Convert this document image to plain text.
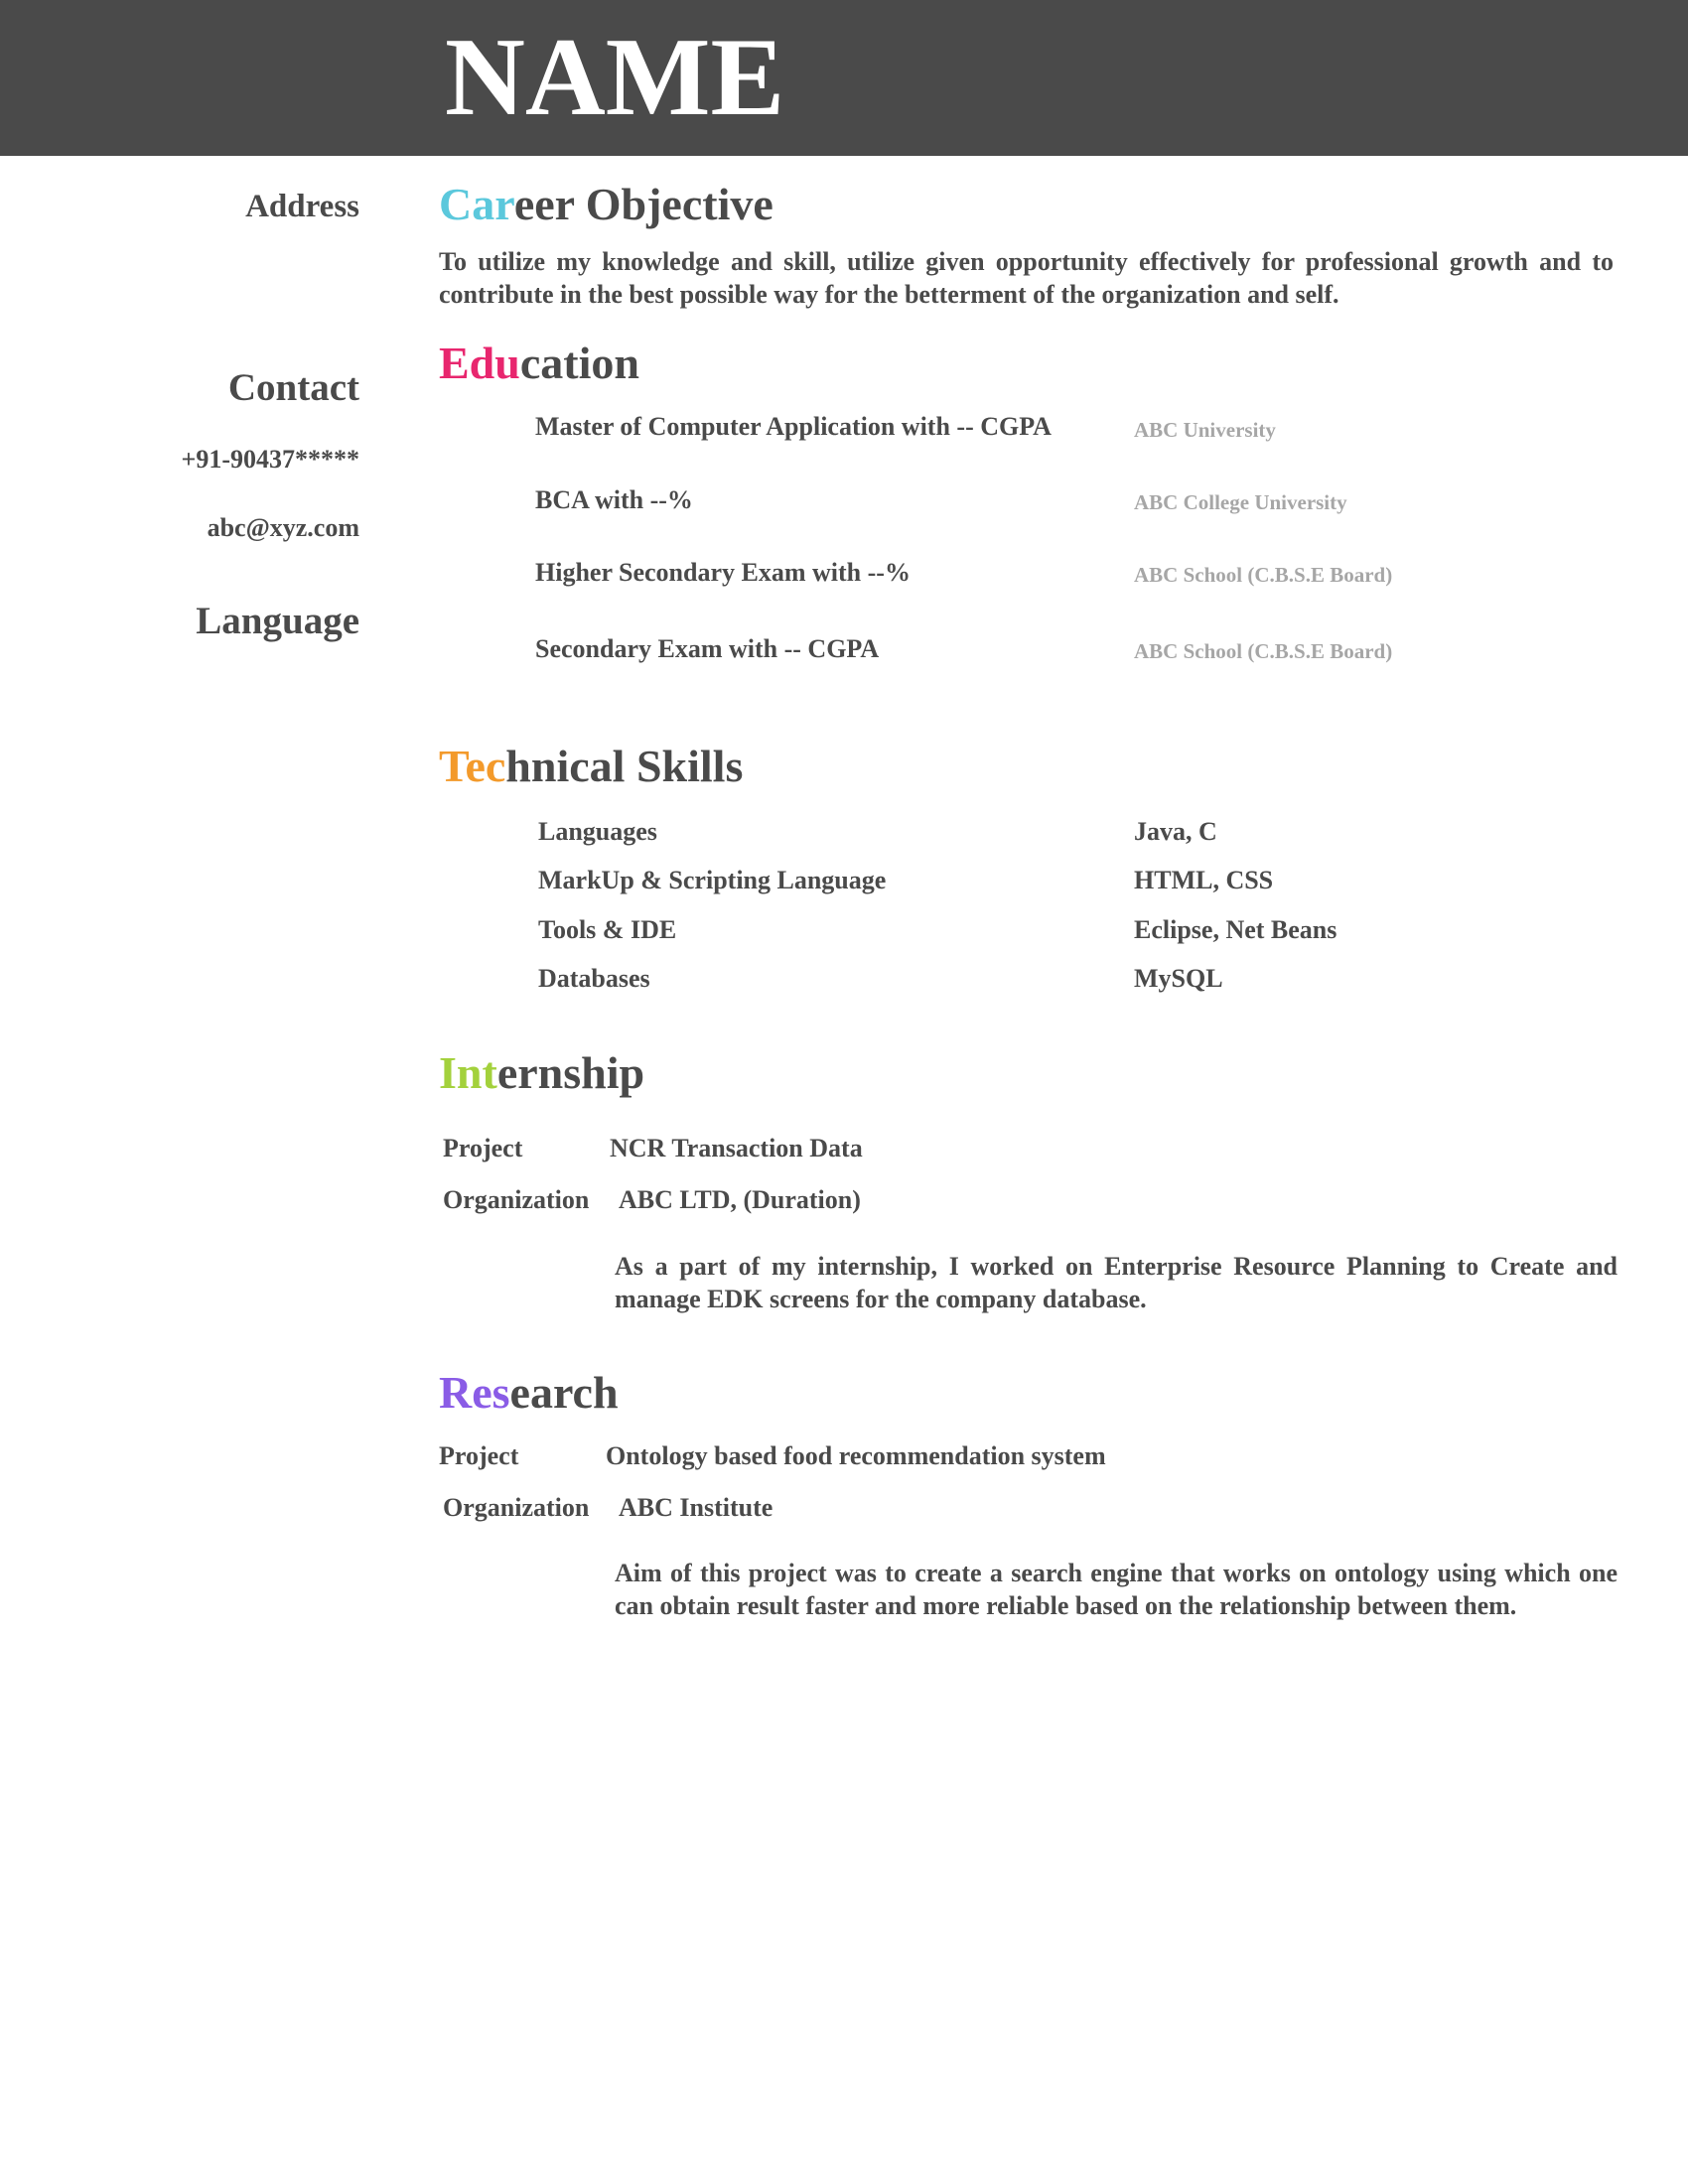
NAME
Address
Contact
+91-90437*****
abc@xyz.com
Language
Career Objective
To utilize my knowledge and skill, utilize given opportunity effectively for professional growth and to contribute in the best possible way for the betterment of the organization and self.
Education
Master of Computer Application with -- CGPA	ABC University
BCA with --%	ABC College University
Higher Secondary Exam with --%	ABC School (C.B.S.E Board)
Secondary Exam with -- CGPA	ABC School (C.B.S.E Board)
Technical Skills
Languages	Java, C
MarkUp & Scripting Language	HTML, CSS
Tools & IDE	Eclipse, Net Beans
Databases	MySQL
Internship
Project	NCR Transaction Data
Organization ABC LTD, (Duration)
As a part of my internship, I worked on Enterprise Resource Planning to Create and manage EDK screens for the company database.
Research
Project	Ontology based food recommendation system
Organization ABC Institute
Aim of this project was to create a search engine that works on ontology using which one can obtain result faster and more reliable based on the relationship between them.
